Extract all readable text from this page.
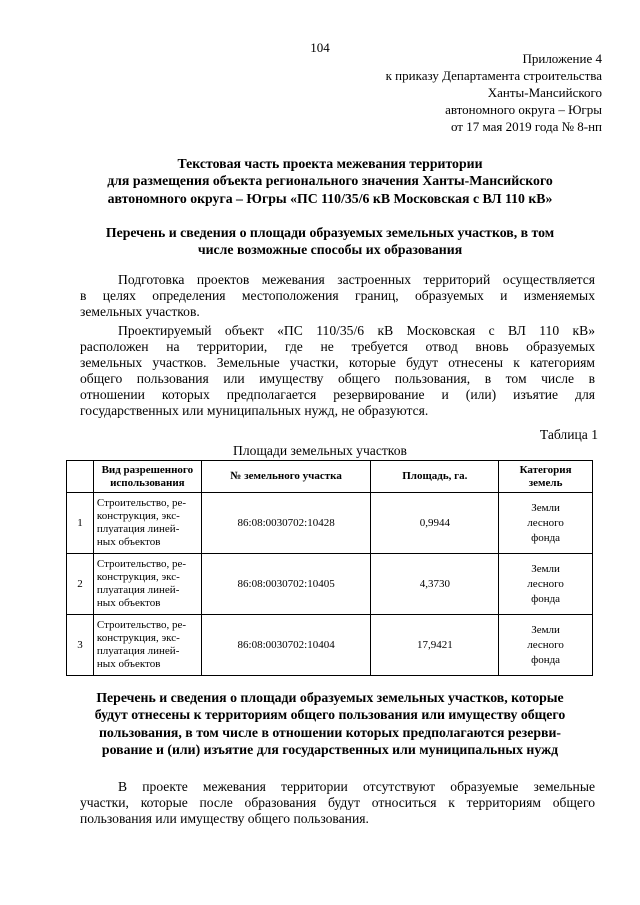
104
Приложение 4
к приказу Департамента строительства
Ханты-Мансийского
автономного округа – Югры
от 17 мая 2019 года № 8-нп
Текстовая часть проекта межевания территории
для размещения объекта регионального значения Ханты-Мансийского
автономного округа – Югры «ПС 110/35/6 кВ Московская с ВЛ 110 кВ»
Перечень и сведения о площади образуемых земельных участков, в том
числе возможные способы их образования
Подготовка проектов межевания застроенных территорий осуществляется
в целях определения местоположения границ, образуемых и изменяемых
земельных участков.
Проектируемый объект «ПС 110/35/6 кВ Московская с ВЛ 110 кВ»
расположен на территории, где не требуется отвод вновь образуемых
земельных участков. Земельные участки, которые будут отнесены к категориям
общего пользования или имуществу общего пользования, в том числе в
отношении которых предполагается резервирование и (или) изъятие для
государственных или муниципальных нужд, не образуются.
Таблица 1
Площади земельных участков
	Вид разрешенного
использования	№ земельного участка	Площадь, га.	Категория
земель
1	Строительство, ре-
конструкция, экс-
плуатация линей-
ных объектов	86:08:0030702:10428	0,9944	Земли
лесного
фонда
2	Строительство, ре-
конструкция, экс-
плуатация линей-
ных объектов	86:08:0030702:10405	4,3730	Земли
лесного
фонда
3	Строительство, ре-
конструкция, экс-
плуатация линей-
ных объектов	86:08:0030702:10404	17,9421	Земли
лесного
фонда
Перечень и сведения о площади образуемых земельных участков, которые
будут отнесены к территориям общего пользования или имуществу общего
пользования, в том числе в отношении которых предполагаются резерви-
рование и (или) изъятие для государственных или муниципальных нужд
В проекте межевания территории отсутствуют образуемые земельные
участки, которые после образования будут относиться к территориям общего
пользования или имуществу общего пользования.
